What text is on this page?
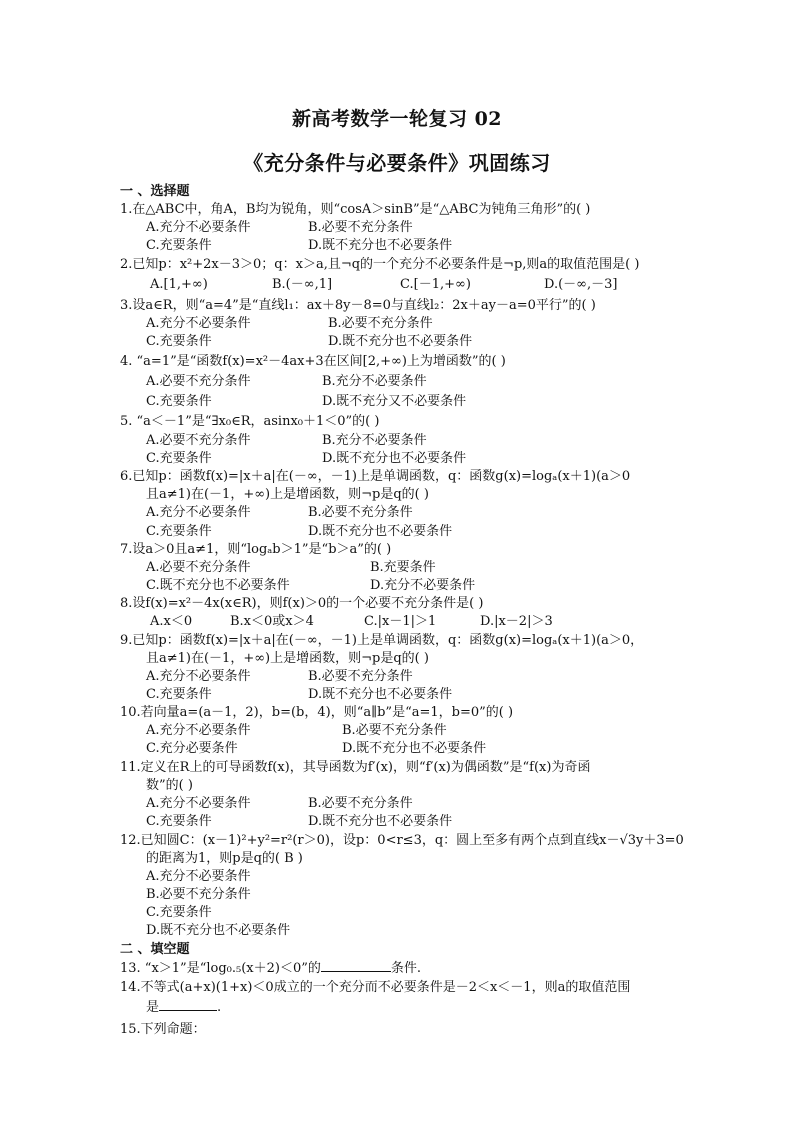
新高考数学一轮复习 02
《充分条件与必要条件》巩固练习
一 、选择题
1.在△ABC中，角A，B均为锐角，则“cosA＞sinB”是“△ABC为钝角三角形”的( )
A.充分不必要条件	B.必要不充分条件
C.充要条件	D.既不充分也不必要条件
2.已知p：x²+2x－3＞0；q：x＞a,且¬q的一个充分不必要条件是¬p,则a的取值范围是( )
A.[1,+∞)	B.(－∞,1]	C.[－1,+∞)	D.(－∞,－3]
3.设a∈R，则“a=4”是“直线l₁：ax＋8y－8=0与直线l₂：2x＋ay－a=0平行”的( )
A.充分不必要条件	B.必要不充分条件
C.充要条件	D.既不充分也不必要条件
4. “a=1”是“函数f(x)=x²－4ax+3在区间[2,+∞)上为增函数”的( )
A.必要不充分条件	B.充分不必要条件
C.充要条件	D.既不充分又不必要条件
5. “a＜－1”是“∃x₀∈R，asinx₀＋1＜0”的( )
A.必要不充分条件	B.充分不必要条件
C.充要条件	D.既不充分也不必要条件
6.已知p：函数f(x)=|x＋a|在(－∞，－1)上是单调函数，q：函数g(x)=logₐ(x＋1)(a＞0
且a≠1)在(－1，+∞)上是增函数，则¬p是q的( )
A.充分不必要条件	B.必要不充分条件
C.充要条件	D.既不充分也不必要条件
7.设a＞0且a≠1，则“logₐb＞1”是“b＞a”的( )
A.必要不充分条件	B.充要条件
C.既不充分也不必要条件	D.充分不必要条件
8.设f(x)=x²－4x(x∈R)，则f(x)＞0的一个必要不充分条件是( )
A.x＜0	B.x＜0或x＞4	C.|x－1|＞1	D.|x－2|＞3
9.已知p：函数f(x)=|x＋a|在(－∞，－1)上是单调函数，q：函数g(x)=logₐ(x＋1)(a＞0，
且a≠1)在(－1，+∞)上是增函数，则¬p是q的( )
A.充分不必要条件	B.必要不充分条件
C.充要条件	D.既不充分也不必要条件
10.若向量a=(a－1，2)，b=(b，4)，则“a∥b”是“a=1，b=0”的( )
A.充分不必要条件	B.必要不充分条件
C.充分必要条件	D.既不充分也不必要条件
11.定义在R上的可导函数f(x)，其导函数为f′(x)，则“f′(x)为偶函数”是“f(x)为奇函
数”的( )
A.充分不必要条件	B.必要不充分条件
C.充要条件	D.既不充分也不必要条件
12.已知圆C：(x－1)²+y²=r²(r＞0)，设p：0<r≤3，q：圆上至多有两个点到直线x－√3y＋3=0
的距离为1，则p是q的( B )
A.充分不必要条件
B.必要不充分条件
C.充要条件
D.既不充分也不必要条件
二 、填空题
13. “x＞1”是“log₀.₅(x＋2)＜0”的	条件.
14.不等式(a+x)(1+x)＜0成立的一个充分而不必要条件是－2＜x＜－1，则a的取值范围
是	.
15.下列命题：
